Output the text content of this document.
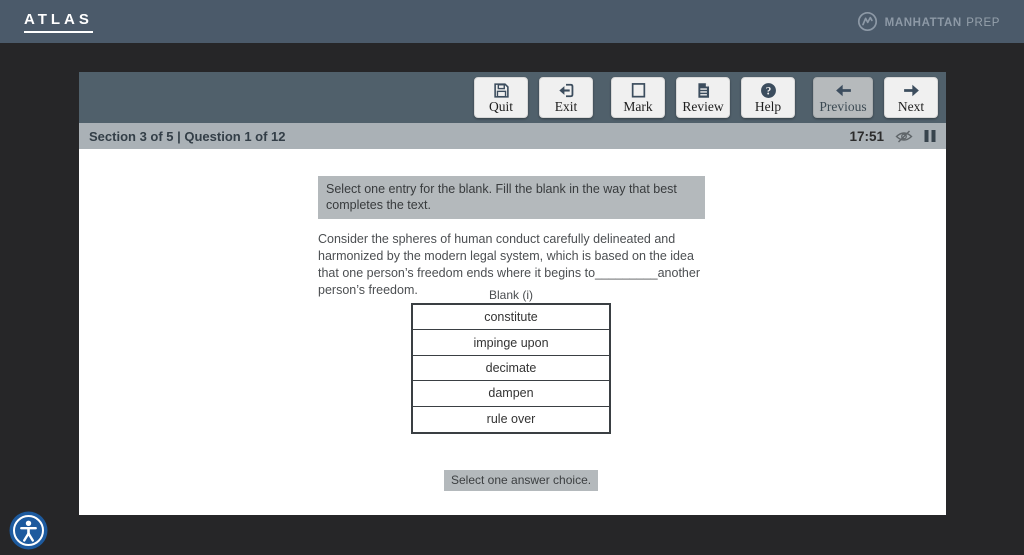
ATLAS	MANHATTAN PREP
Quit	Exit	Mark Review
?
Help	Previous Next
Section 3 of 5 | Question 1 of 12	17:51
Select one entry for the blank. Fill the blank in the way that best completes the text.
Consider the spheres of human conduct carefully delineated and harmonized by the modern legal system, which is based on the idea that one person’s freedom ends where it begins to_________another person’s freedom.	Blank (i)
constitute
impinge upon
decimate
dampen
rule over
Select one answer choice.
